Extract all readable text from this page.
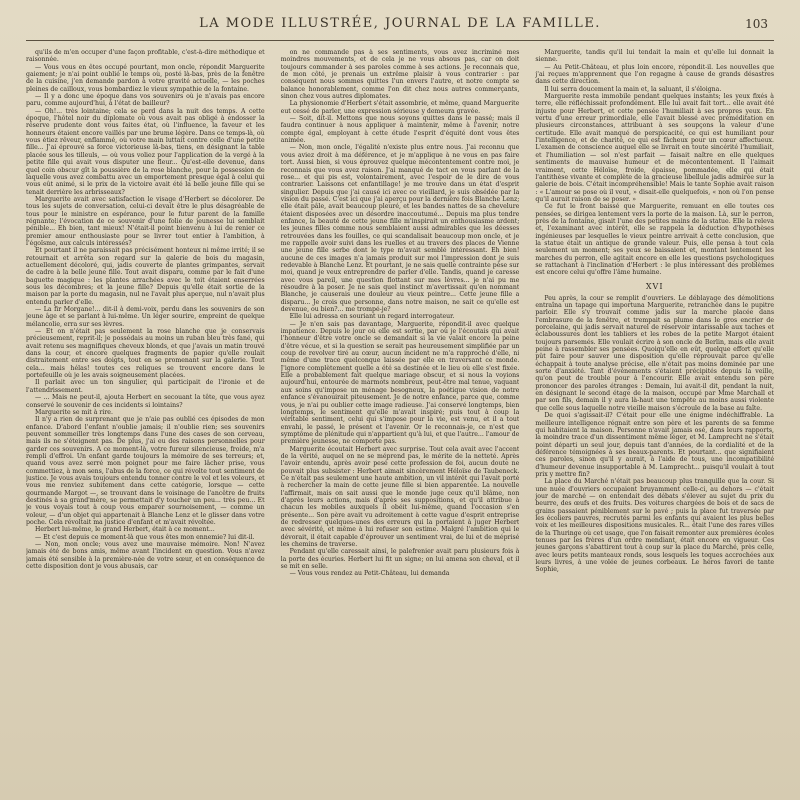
LA MODE ILLUSTRÉE, JOURNAL DE LA FAMILLE.	103

qu'ils de m'en occuper d'une façon profitable, c'est-à-dire méthodique et raisonnée.

— Vous vous en êtes occupé pourtant, mon oncle, répondit Marguerite gaiement; je n'ai point oublié le temps où, posté là-bas, près de la fenêtre de la cuisine, j'en demande pardon à votre gravité actuelle, — les poches pleines de cailloux, vous bombardiez le vieux sympathie de la fontaine.

— Il y a donc une époque dans vos souvenirs où je n'avais pas encore paru, comme aujourd'hui, à l'état de bailleur?

— Oh!... très lointaine; cela se perd dans la nuit des temps. A cette époque, l'hôtel noir du diplomate où vous avait pas obligé à endosser la réserve prudente dont vous faites état, où l'influence, la faveur et les honneurs étaient encore vaillés par une brume légère. Dans ce temps-là, où vous étiez rêveur, enflammé, où votre main luttait contre celle d'une petite fille... J'ai éprouvé sa force victorieuse là-bas, tiens, en désignant la table placée sous les tilleuls, — où vous voliez pour l'application de la vergé à la petite fille qui avait vous disputer une fleur... Qu'est-elle devenue, dans quel coin obscur gît la poussière de la rose blanche, pour la possession de laquelle vous avez combattu avec un emportement presque égal à celui qui vous eût animé, si le prix de la victoire avait été la belle jeune fille qui se tenait derrière les arbrisseaux?

Marguerite avait avec satisfaction le visage d'Herbert se décolorer. De tous les sujets de conversation, celui-ci devait être le plus désagréable de tous pour le ministre en espérance, pour le futur parent de la famille régnante; l'évocation de ce souvenir d'une folie de jeunesse lui semblait pénible... Eh bien, tant mieux! N'était-il point bienvenu à lui de renier ce premier amour enthousiaste pour se livrer tout entier à l'ambition, à l'égoïsme, aux calculs intéressés?

Et pourtant il ne paraissait pas précisément honteux ni même irrité; il se retournait et arrêta son regard sur la galerie de bois du magasin, actuellement décoloré, qui, jadis couverte de plantes grimpantes, servait de cadre à la belle jeune fille. Tout avait disparu, comme par le fait d'une baguette magique : les plantes arrachées avec le toit étaient enserrées sous les décombres; et la jeune fille? Depuis qu'elle était sortie de la maison par la porte du magasin, nul ne l'avait plus aperçue, nul n'avait plus entendu parler d'elle.

— La fir Morgane!... dit-il à demi-voix, perdu dans les souvenirs de son jeune âge et se parlant à lui-même. Un léger sourire, empreint de quelque mélancolie, erra sur ses lèvres.

— Et on n'était pas seulement la rose blanche que je conservais précieusement, reprit-il; je possédais au moins un ruban bleu très fané, qui avait retenu ses magnifiques cheveux blonds, et que j'avais un matin trouvé dans la cour, et encore quelques fragments de papier qu'elle roulait distraitement entre ses doigts, tout en se promenant sur la galerie. Tout cela... mais hélas! toutes ces reliques se trouvent encore dans le portefeuille où je les avais soigneusement placées.

Il parlait avec un ton singulier, qui participait de l'ironie et de l'attendrissement.

— ... Mais ne peut-il, ajouta Herbert en secouant la tête, que vous ayez conservé le souvenir de ces incidents si lointains?

Marguerite se mit à rire.

Il n'y a rien de surprenant que je n'aie pas oublié ces épisodes de mon enfance. D'abord l'enfant n'oublie jamais; il n'oublie rien; ses souvenirs peuvent sommeiller très longtemps dans l'une des cases de son cerveau, mais ils ne s'éteignent pas. De plus, j'ai eu des raisons personnelles pour garder ces souvenirs. A ce moment-là, votre fureur silencieuse, froide, m'a rempli d'effroi. Un enfant garde toujours la mémoire de ses terreurs; et, quand vous avez serré mon poignet pour me faire lâcher prise, vous commettiez, à mon sens, l'abus de la force, ce qui révolte tout sentiment de justice. Je vous avais toujours entendu tonner contre le vol et les voleurs, et vous me renviez subitement dans cette catégorie, lorsque — cette gourmande Margot —, se trouvant dans le voisinage de l'ancêtre de fruits destinés à sa grand'mère, se permettait d'y toucher un peu... très peu... Et je vous voyais tout à coup vous emparer sournoisement, — comme un voleur, — d'un objet qui appartenait à Blanche Lenz et le glisser dans votre poche. Cela révoltait ma justice d'enfant et m'avait révoltée.

Herbert lui-même, le grand Herbert, était à ce moment...

— Et c'est depuis ce moment-là que vous êtes mon ennemie? lui dit-il.

— Non, mon oncle; vous avez une mauvaise mémoire. Non! N'avez jamais été de bons amis, même avant l'incident en question. Vous n'avez jamais été sensible à la première-née de votre sœur, et en conséquence de cette disposition dont je vous abusais, car

on ne commande pas à ses sentiments, vous avez incriminé mes moindres mouvements, et de cela je ne vous absous pas, car on doit toujours commander à ses paroles comme à ses actions. Je reconnais que, de mon côté, je prenais un extrême plaisir à vous contrarier : par conséquent nous sommes quittes l'un envers l'autre, et notre compte se balance honorablement, comme l'on dit chez nous autres commerçants, sinon chez vous autres diplomates.

La physionomie d'Herbert s'était assombrie, et même, quand Marguerite eut cessé de parler, une expression sérieuse y demeura gravée.

— Soit, dit-il. Mettons que nous soyons quittes dans le passé; mais il faudra continuer à nous appliquer à maintenir, même à l'avenir, notre compte égal, employant à cette étude l'esprit d'équité dont vous êtes animée.

— Non, mon oncle, l'égalité n'existe plus entre nous. J'ai reconnu que vous aviez droit à ma déférence, et je m'applique à ne vous en pas faire tort. Aussi bien, si vous éprouvez quelque mécontentement contre moi, je reconnais que vous avez raison. J'ai manqué de tact en vous parlant de la rose... et qui pis est, volontairement, avec l'espoir de le dire de vous contrarier. Laissons cet enfantillage! je me trouve dans un état d'esprit singulier. Depuis que j'ai causé ici avec ce vieillard, je suis obsédée par la vision du passé. C'est ici que j'ai aperçu pour la dernière fois Blanche Lenz; elle était pâle, avait beaucoup pleuré, et les bandes nattes de sa chevelure étaient disposées avec un désordre inaccoutumé... Depuis ma plus tendre enfance, la beauté de cette jeune fille m'inspirait un enthousiasme ardent; les jeunes filles comme nous semblaient aussi admirables que les déesses retrouvées dans les fouilles, ce qui scandalisait beaucoup mon oncle, et je me rappelle avoir suivi dans les ruelles et au travers des places de Vienne une jeune fille serbe dont le type m'avait semblé intéressant. Eh bien! aucune de ces images n'a jamais produit sur moi l'impression dont je suis redevable à Blanche Lenz. Et pourtant, je ne sais quelle contrainte pèse sur moi, quand je veux entreprendre de parler d'elle. Tandis, quand je caresse avec vous pareil, une question flottant sur mes lèvres... je n'ai pu me résoudre à la poser. Je ne sais quel instinct m'avertissait qu'en nommant Blanche, je causerais une douleur au vieux peintre... Cette jeune fille a disparu... Je crois que personne, dans notre maison, ne sait ce qu'elle est devenue, ou bien?... me trompé-je?

Elle lui adressa en souriant un regard interrogateur.

— Je n'en sais pas davantage, Marguerite, répondit-il avec quelque impatience. Depuis le jour où elle est sortie, par où je l'écoutais qui avait l'honneur d'être votre oncle se demandait si la vie valait encore la peine d'être vécue, et si la question se serait pas heureusement simplifiée par un coup de revolver tiré au cœur, aucun incident ne m'a rapproché d'elle, ni même d'une trace quelconque laissée par elle en traversant ce monde. J'ignore complètement quelle a été sa destinée et le lieu où elle s'est fixée. Elle a probablement fait quelque mariage obscur, et si nous la voyions aujourd'hui, entourée de marmots nombreux, peut-être mal tenue, vaquant aux soins qu'impose un ménage besogneux, la poétique vision de notre enfance s'évanouirait piteusement. Je de notre enfance, parce que, comme vous, je n'ai pu oublier cette image radieuse. J'ai conservé longtemps, bien longtemps, le sentiment qu'elle m'avait inspiré; puis tout à coup la véritable sentiment, celui qui s'impose pour la vie, est venu, et il a tout envahi, le passé, le présent et l'avenir. Or le reconnais-je, ce n'est que symptôme de plénitude qui n'appartient qu'à lui, et que l'autre... l'amour de première jeunesse, ne comporte pas.

Marguerite écoutait Herbert avec surprise. Tout cela avait avec l'accent de la vérité, auquel on ne se méprend pas, le mérite de la netteté. Après l'avoir entendu, après avoir pesé cette profession de foi, aucun doute ne pouvait plus subsister : Herbert aimait sincèrement Héloïse de Taubeneck. Ce n'était pas seulement une haute ambition, un vil intérêt qui l'avait porté à rechercher la main de cette jeune fille si bien apparentée. La nouvelle l'affirmait, mais on sait aussi que le monde juge ceux qu'il blâme, non d'après leurs actions, mais d'après ses suppositions, et qu'il attribue à chacun les mobiles auxquels il obéit lui-même, quand l'occasion s'en présente... Son père avait vu adroitement à cette vague d'esprit entreprise de redresser quelques-unes des erreurs qui la portaient à juger Herbert avec sévérité, et même à lui refuser son estime. Malgré l'ambition qui le dévorait, il était capable d'éprouver un sentiment vrai, de lui et de méprisé les chemins de traverse.

Pendant qu'elle caressait ainsi, le palefrenier avait paru plusieurs fois à la porte des écuries. Herbert lui fit un signe; on lui amena son cheval, et il se mit en selle.

— Vous vous rendez au Petit-Château, lui demanda

Marguerite, tandis qu'il lui tendait la main et qu'elle lui donnait la sienne.

— Au Petit-Château, et plus loin encore, répondit-il. Les nouvelles que j'ai reçues m'apprennent que l'on regagne à cause de grands désastres dans cette direction.

Il lui serra doucement la main et, la saluant, il s'éloigna.

Marguerite resta immobile pendant quelques instants; les yeux fixés à terre, elle réfléchissait profondément. Elle lui avait fait tort... elle avait été injuste pour Herbert, et cette pensée l'humiliait à ses propres yeux. En vertu d'une erreur primordiale, elle l'avait blessé avec préméditation en plusieurs circonstances, attribuant à ses soupçons la valeur d'une certitude. Elle avait manqué de perspicacité, ce qui est humiliant pour l'intelligence, et de charité, ce qui est fâcheux pour un cœur affectueux. L'examen de conscience auquel elle se livrait en toute sincérité l'humiliait, et l'humiliation — sol n'est parfait — faisait naître en elle quelques sentiments de mauvaise humeur et de mécontentement. Il l'aimait vraiment, cette Héloïse, froide, épaisse, pommadée, elle qui était l'antithèse vivante et complète de la gracieuse libellule jadis admirée sur la galerie de bois. C'était incompréhensible! Mais le tante Sophie avait raison : « L'amour se pose où il veut, » disait-elle quelquefois, « non où l'on pense qu'il aurait raison de se poser. »

Ce fut le front baissé que Marguerite, remuant en elle toutes ces pensées, se dirigea lentement vers la porte de la maison. Là, sur le perron, près de la fontaine, gisait l'une des petites mains de la statue. Elle la releva et, l'examinant avec intérêt, elle se rappela la déduction d'hypothèses ingénieuses par lesquelles le vieux peintre arrivait à cette conclusion, que la statue était un antique de grande valeur. Puis, elle pensa à tout cela seulement un moment; ses yeux se baissaient et, montant lentement les marches du perron, elle agitait encore en elle les questions psychologiques se rattachant à l'inclination d'Herbert : le plus intéressant des problèmes est encore celui qu'offre l'âme humaine.

XVI

Peu après, la cour se remplit d'ouvriers. Le déblayage des démolitions entraîna un tapage qui importuna Marguerite, retranchée dans le pupitre parloir. Elle s'y trouvait comme jadis sur la marche placée dans l'embrasure de la fenêtre, et trempait sa plume dans le gros encrier de porcelaine, qui jadis servait naturel de réservoir intarissable aux taches et éclaboussures dont les tabliers et les robes de la petite Margot étaient toujours parsemés. Elle voulait écrire à son oncle de Berlin, mais elle avait peine à rassembler ses pensées. Quoiqu'elle en eût, quelque effort qu'elle pût faire pour sauver une disposition qu'elle réprouvait parce qu'elle échappait à toute analyse précise, elle n'était pas moins dominée par une sorte d'anxiété. Tant d'événements s'étaient précipités depuis la veille, qu'on peut de trouble pour à l'encourir. Elle avait entendu son père prononcer des paroles étranges : Demain, lui avait-il dit, pendant la nuit, en désignant le second étage de la maison, occupé par Mme Marchall et par son fils, demain il y aura là-haut une tempête au moins aussi violente que celle sous laquelle notre vieille maison s'écroule de la base au faîte.

De quoi s'agissait-il? C'était pour elle une énigme indéchiffrable. La meilleure intelligence régnait entre son père et les parents de sa femme qui habitaient la maison. Personne n'avait jamais osé, dans leurs rapports, la moindre trace d'un dissentiment même léger, et M. Lamprecht ne s'était point départi un seul jour, depuis tant d'années, de la cordialité et de la déférence témoignées à ses beaux-parents. Et pourtant... que signifiaient ces paroles, sinon qu'il y aurait, à l'aide de tous, une incompatibilité d'humeur devenue insupportable à M. Lamprecht... puisqu'il voulait à tout prix y mettre fin?

La place du Marché n'était pas beaucoup plus tranquille que la cour. Si une nuée d'ouvriers occupaient bruyamment celle-ci, au dehors — c'était jour de marché — on entendait des débats s'élever au sujet du prix du beurre, des œufs et des fruits. Des voitures chargées de bois et de sacs de grains passaient péniblement sur le pavé ; puis la place fut traversée par les écoliers pauvres, recrutés parmi les enfants qui avaient les plus belles voix et les meilleures dispositions musicales. R... était l'une des rares villes de la Thuringe où cet usage, que l'on faisait remonter aux premières écoles tenues par les frères d'un ordre mendiant, était encore en vigueur. Ces jeunes garçons s'abattirent tout à coup sur la place du Marché, près celle, avec leurs petits manteaux ronds, sous lesquels les toques accrochées aux leurs livres, à une volée de jeunes corbeaux. Le héros favori de tante Sophie,
